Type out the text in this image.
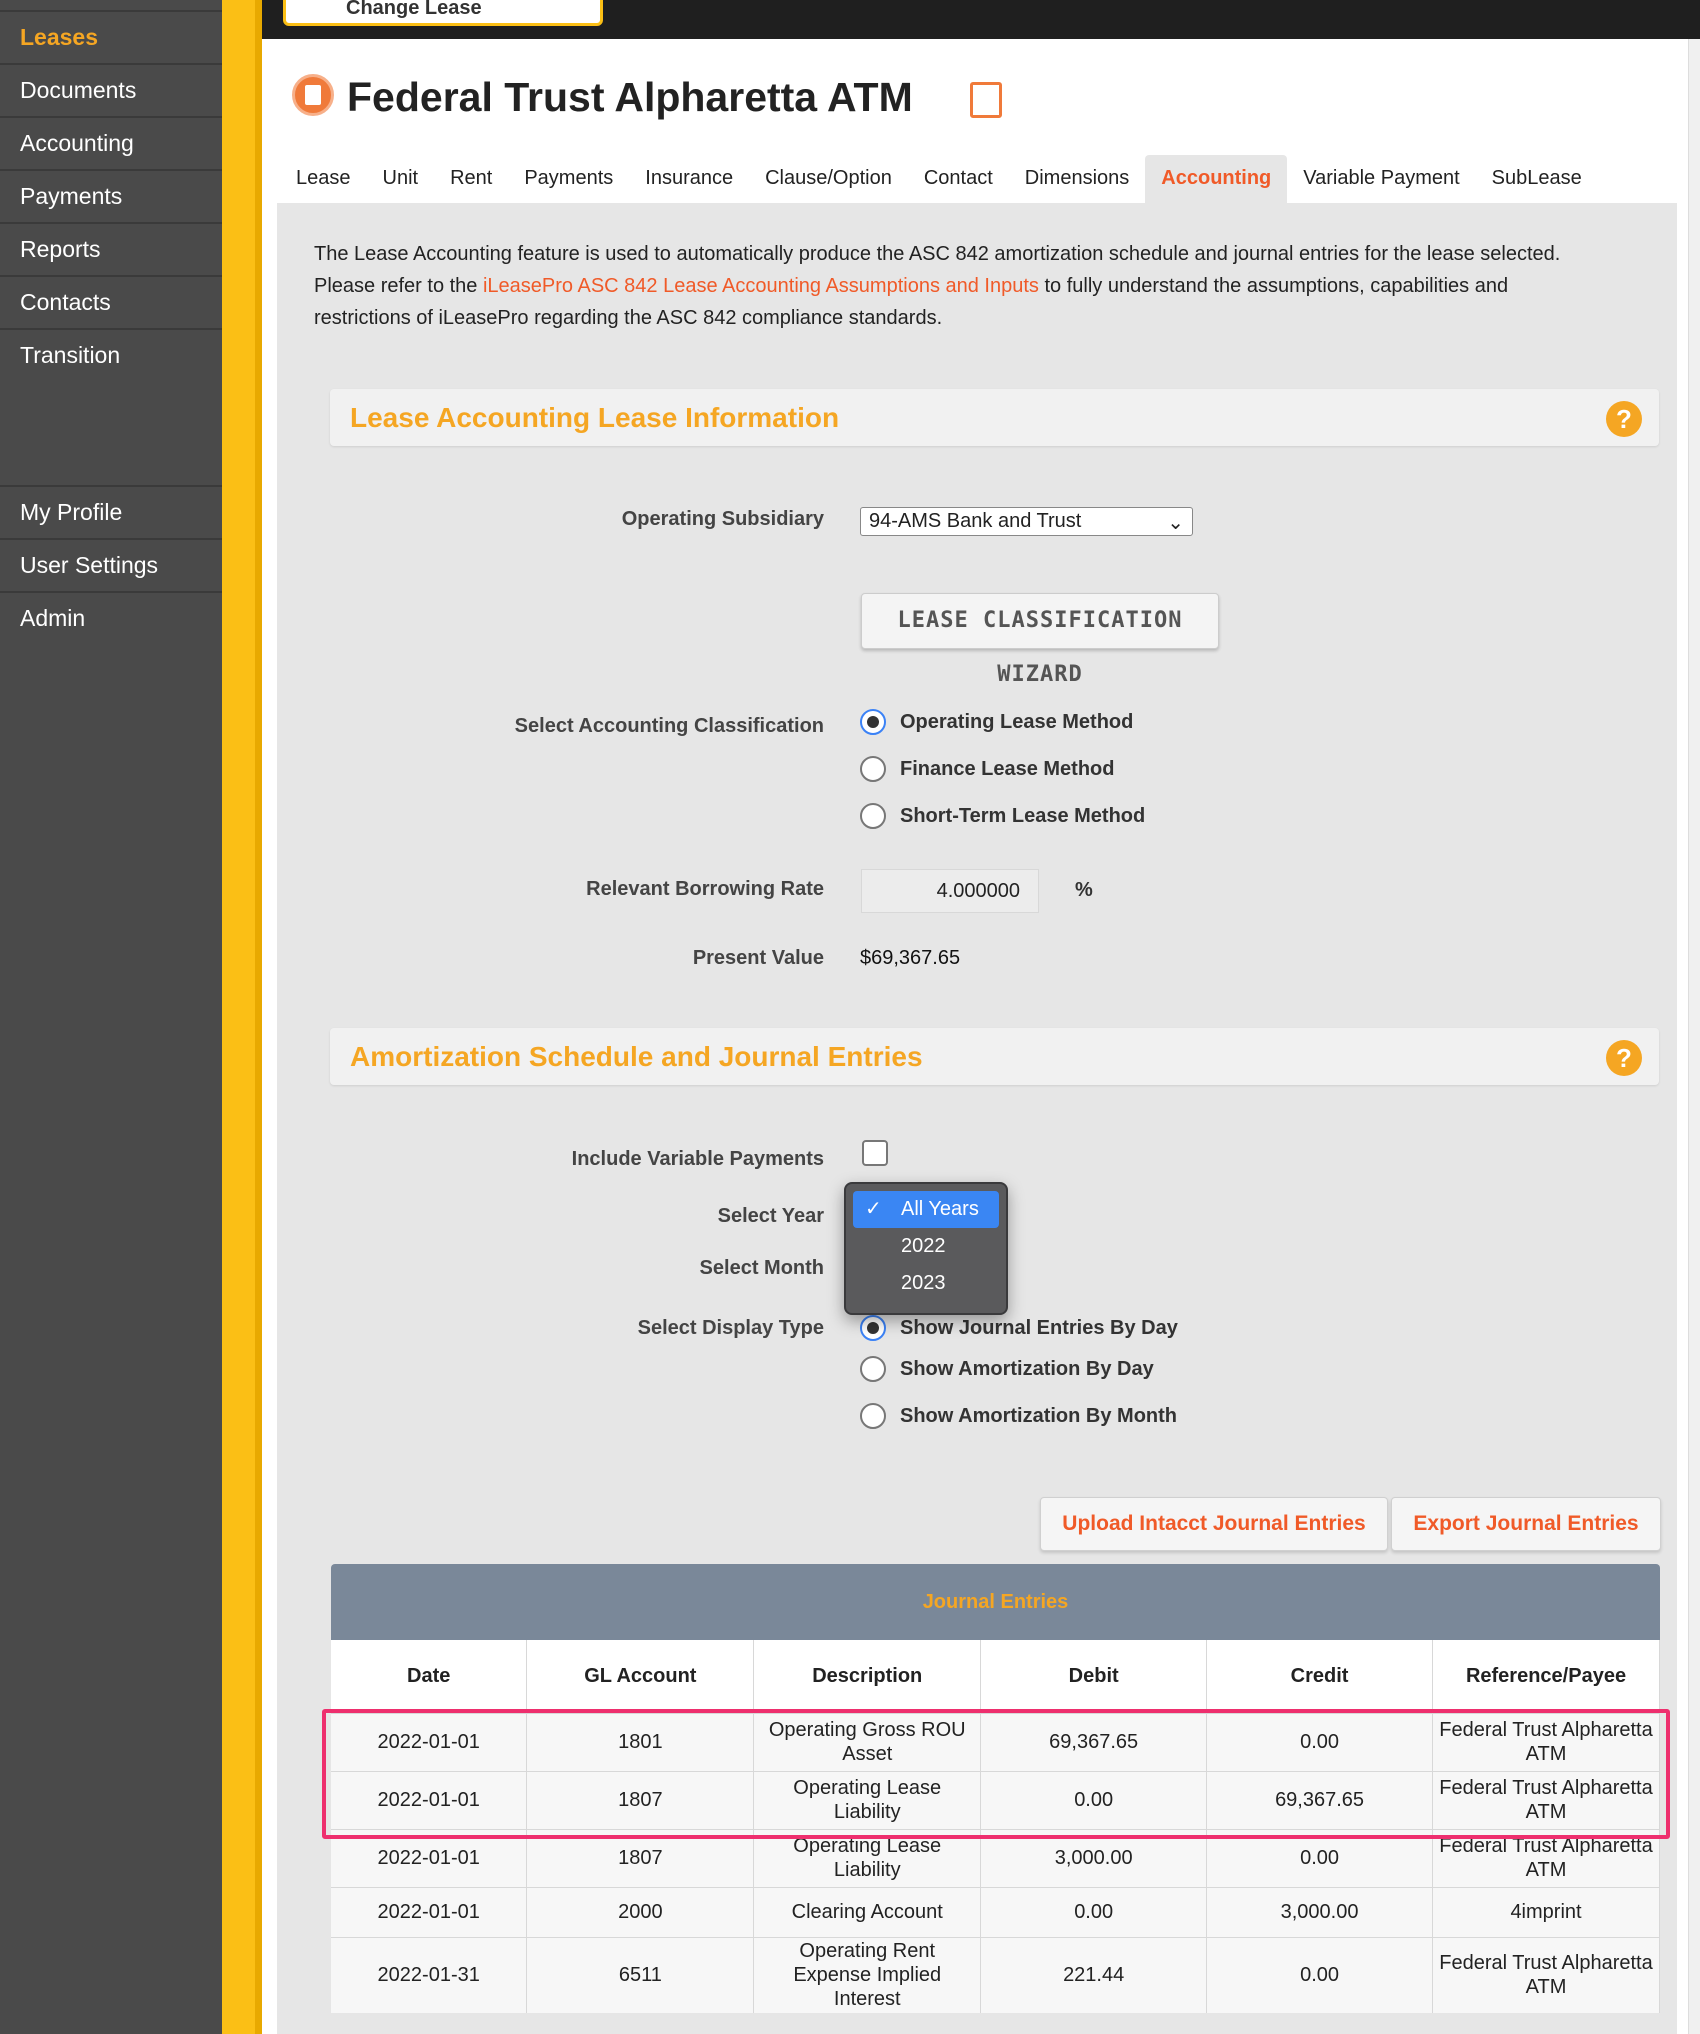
Leases
Documents
Accounting
Payments
Reports
Contacts
Transition
My Profile
User Settings
Admin
Change Lease
Federal Trust Alpharetta ATM
Lease	Unit	Rent	Payments	Insurance	Clause/Option	Contact	Dimensions	Accounting	Variable Payment	SubLease
The Lease Accounting feature is used to automatically produce the ASC 842 amortization schedule and journal entries for the lease selected. Please refer to the iLeasePro ASC 842 Lease Accounting Assumptions and Inputs to fully understand the assumptions, capabilities and restrictions of iLeasePro regarding the ASC 842 compliance standards.
Lease Accounting Lease Information	?
Operating Subsidiary	94-AMS Bank and Trust	⌄
LEASE CLASSIFICATION WIZARD
Select Accounting Classification	Operating Lease Method
Finance Lease Method
Short-Term Lease Method
Relevant Borrowing Rate	4.000000	%
Present Value $69,367.65
Amortization Schedule and Journal Entries	?
Include Variable Payments
Select Year
Select Month
✓ All Years
2022
2023
Select Display Type	Show Journal Entries By Day
Show Amortization By Day
Show Amortization By Month
Upload Intacct Journal Entries	Export Journal Entries
Journal Entries
Date	GL Account	Description	Debit	Credit	Reference/Payee
2022-01-01	1801	Operating Gross ROU Asset	69,367.65	0.00	Federal Trust Alpharetta ATM
2022-01-01	1807	Operating Lease Liability	0.00	69,367.65	Federal Trust Alpharetta ATM
2022-01-01	1807	Operating Lease Liability	3,000.00	0.00	Federal Trust Alpharetta ATM
2022-01-01	2000	Clearing Account	0.00	3,000.00	4imprint
2022-01-31	6511	Operating Rent Expense Implied Interest	221.44	0.00	Federal Trust Alpharetta ATM
